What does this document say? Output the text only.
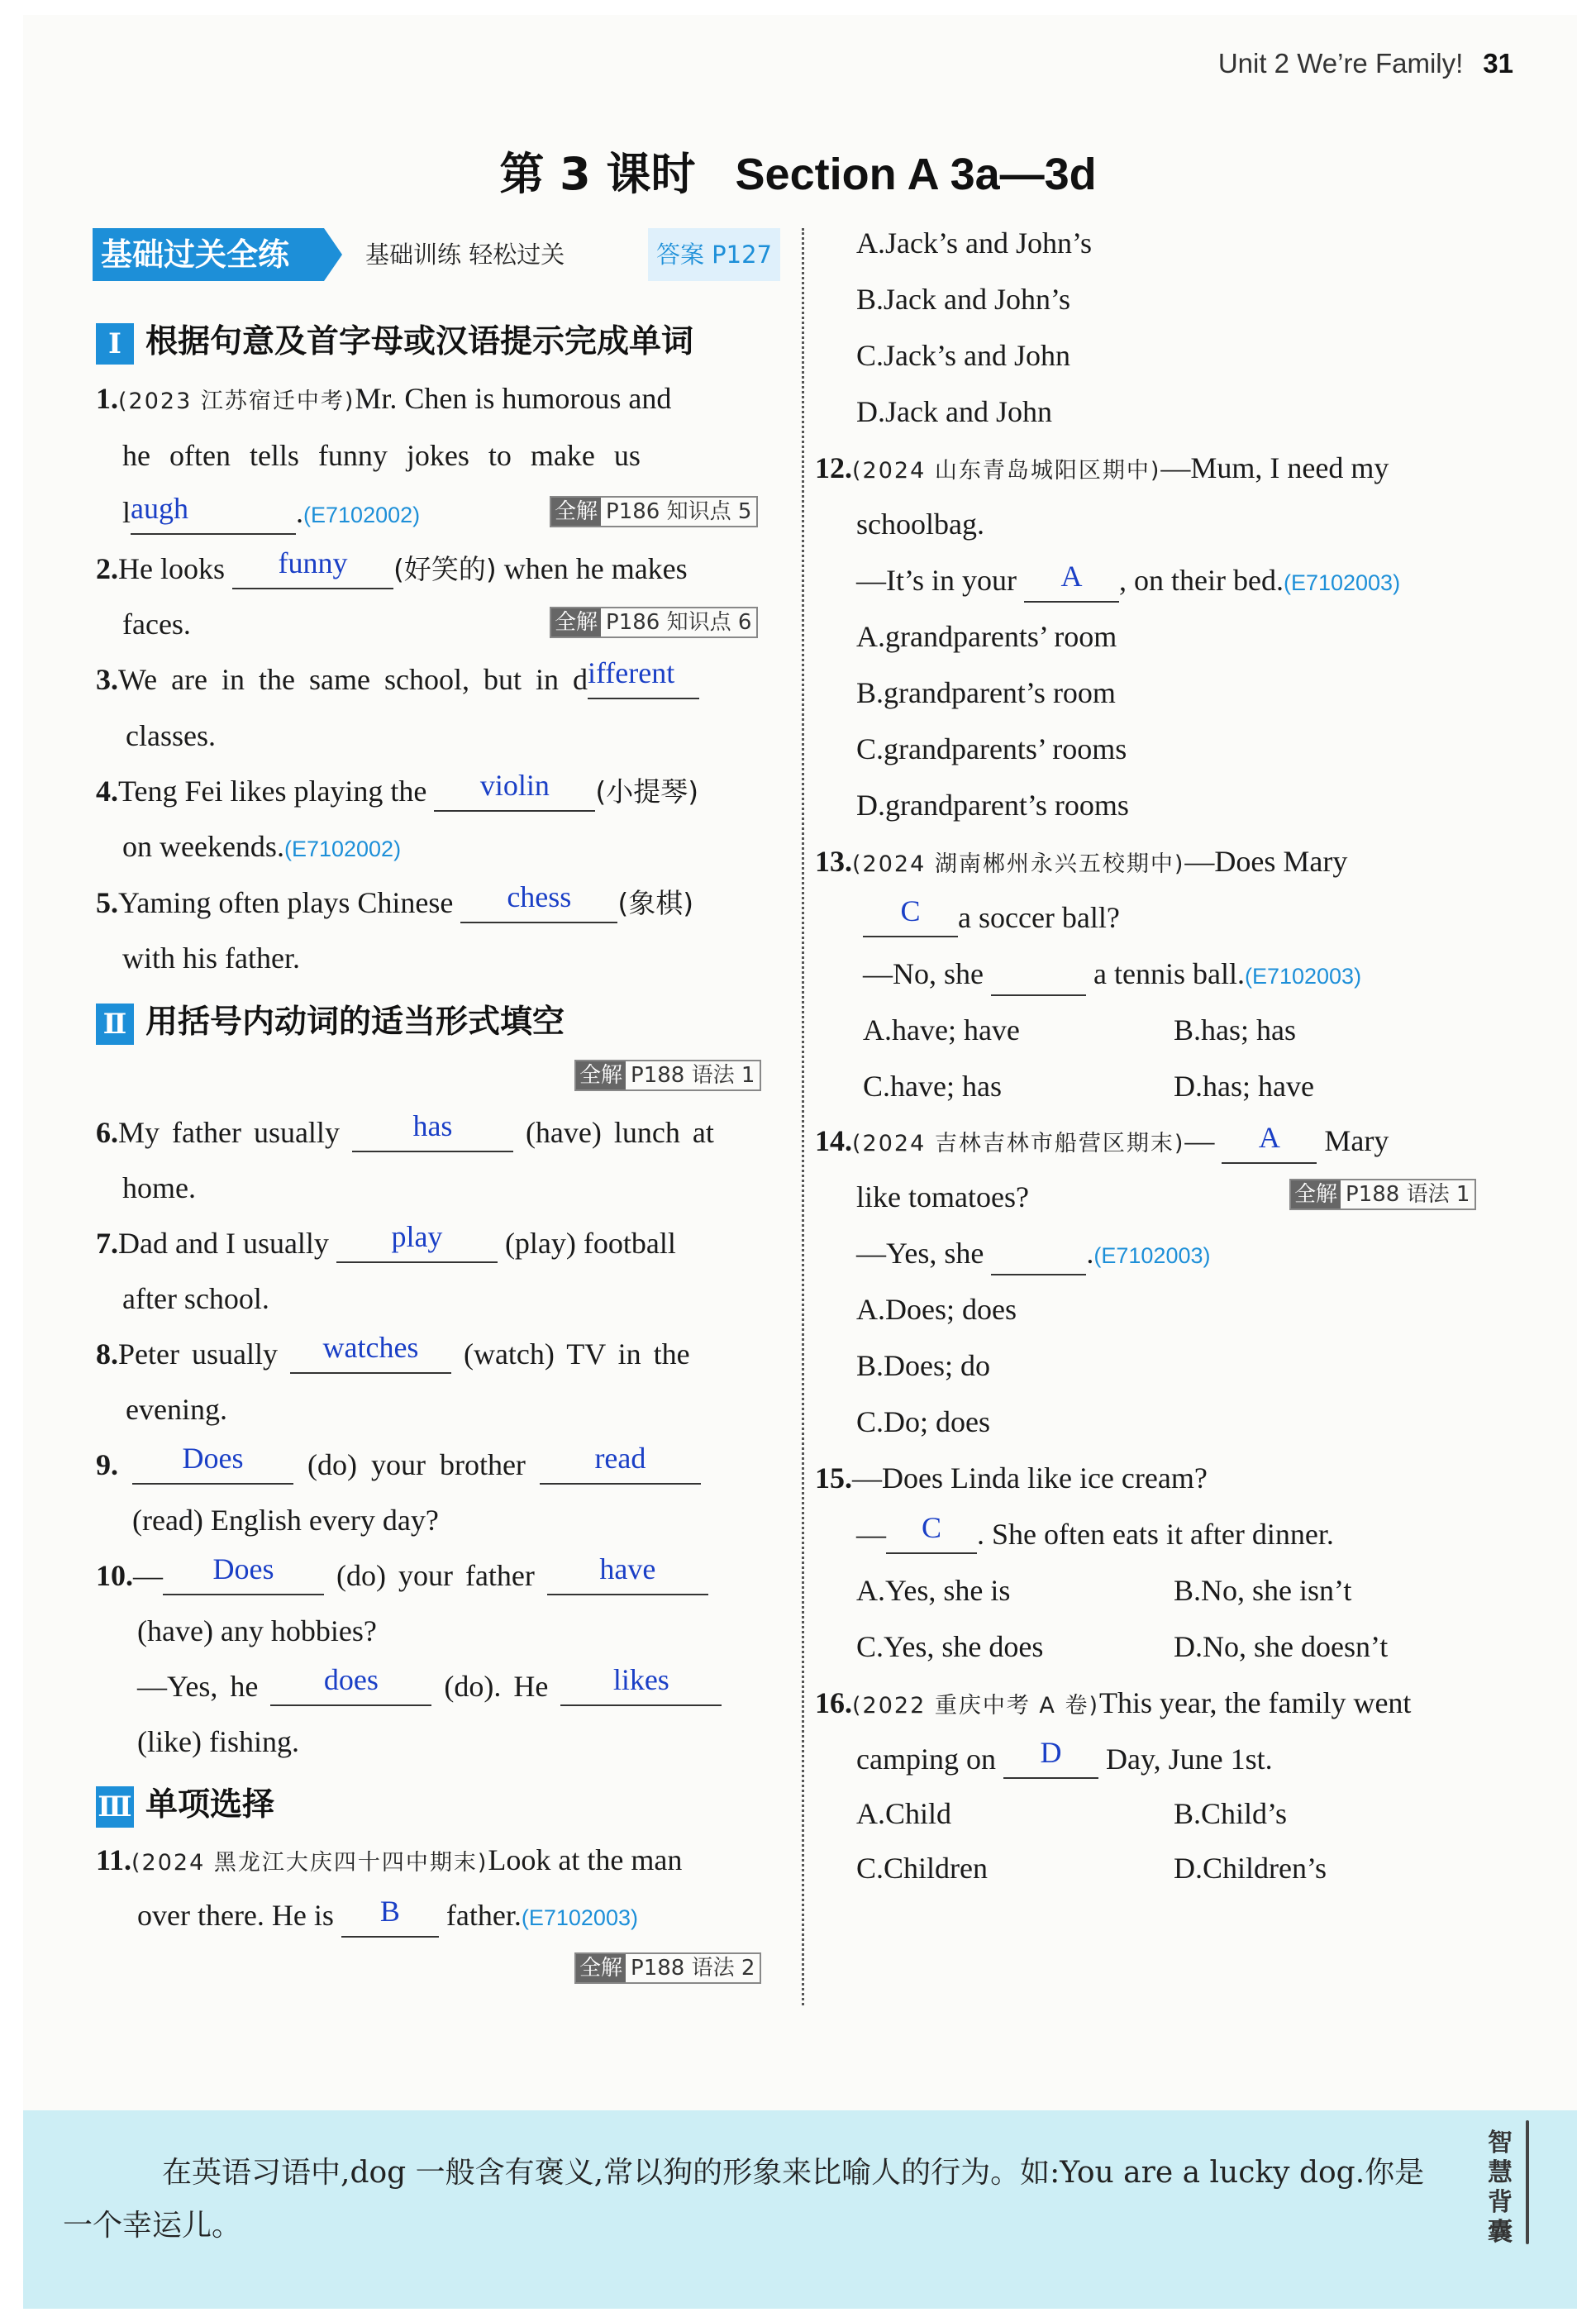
Unit 2 We’re Family! 31
第 3 课时 Section A 3a—3d
基础过关全练	基础训练 轻松过关	答案 P127
Ⅰ 根据句意及首字母或汉语提示完成单词
1.(2023 江苏宿迁中考)Mr. Chen is humorous and
he often tells funny jokes to make us
l augh	.(E7102002)	全解 P186 知识点 5
2.He looks	funny	(好笑的) when he makes
faces.	全解 P186 知识点 6
3.We are in the same school, but in d ifferent
classes.
4.Teng Fei likes playing the	violin	(小提琴)
on weekends.(E7102002)
5.Yaming often plays Chinese	chess	(象棋)
with his father.
Ⅱ 用括号内动词的适当形式填空
全解 P188 语法 1
6.My father usually	has	(have) lunch at
home.
7.Dad and I usually	play	(play) football
after school.
8.Peter usually	watches	(watch) TV in the
evening.
9.	Does	(do) your brother	read
(read) English every day?
10.—	Does	(do) your father	have
(have) any hobbies?
—Yes, he	does	(do). He	likes
(like) fishing.
Ⅲ 单项选择
11.(2024 黑龙江大庆四十四中期末)Look at the man
over there. He is	B	father.(E7102003)
全解 P188 语法 2
A.Jack’s and John’s
B.Jack and John’s
C.Jack’s and John
D.Jack and John
12.(2024 山东青岛城阳区期中)—Mum, I need my
schoolbag.
—It’s in your	A	, on their bed.(E7102003)
A.grandparents’ room
B.grandparent’s room
C.grandparents’ rooms
D.grandparent’s rooms
13.(2024 湖南郴州永兴五校期中)—Does Mary
C	a soccer ball?
—No, she	a tennis ball.(E7102003)
A.have; have	B.has; has
C.have; has	D.has; have
14.(2024 吉林吉林市船营区期末)—	A	Mary
like tomatoes?	全解 P188 语法 1
—Yes, she	.(E7102003)
A.Does; does
B.Does; do
C.Do; does
15.—Does Linda like ice cream?
—	C	. She often eats it after dinner.
A.Yes, she is	B.No, she isn’t
C.Yes, she does	D.No, she doesn’t
16.(2022 重庆中考 A 卷)This year, the family went
camping on	D	Day, June 1st.
A.Child	B.Child’s
C.Children	D.Children’s
在英语习语中,dog 一般含有褒义,常以狗的形象来比喻人的行为。如:You are a lucky dog.你是一个幸运儿。
智慧背囊
